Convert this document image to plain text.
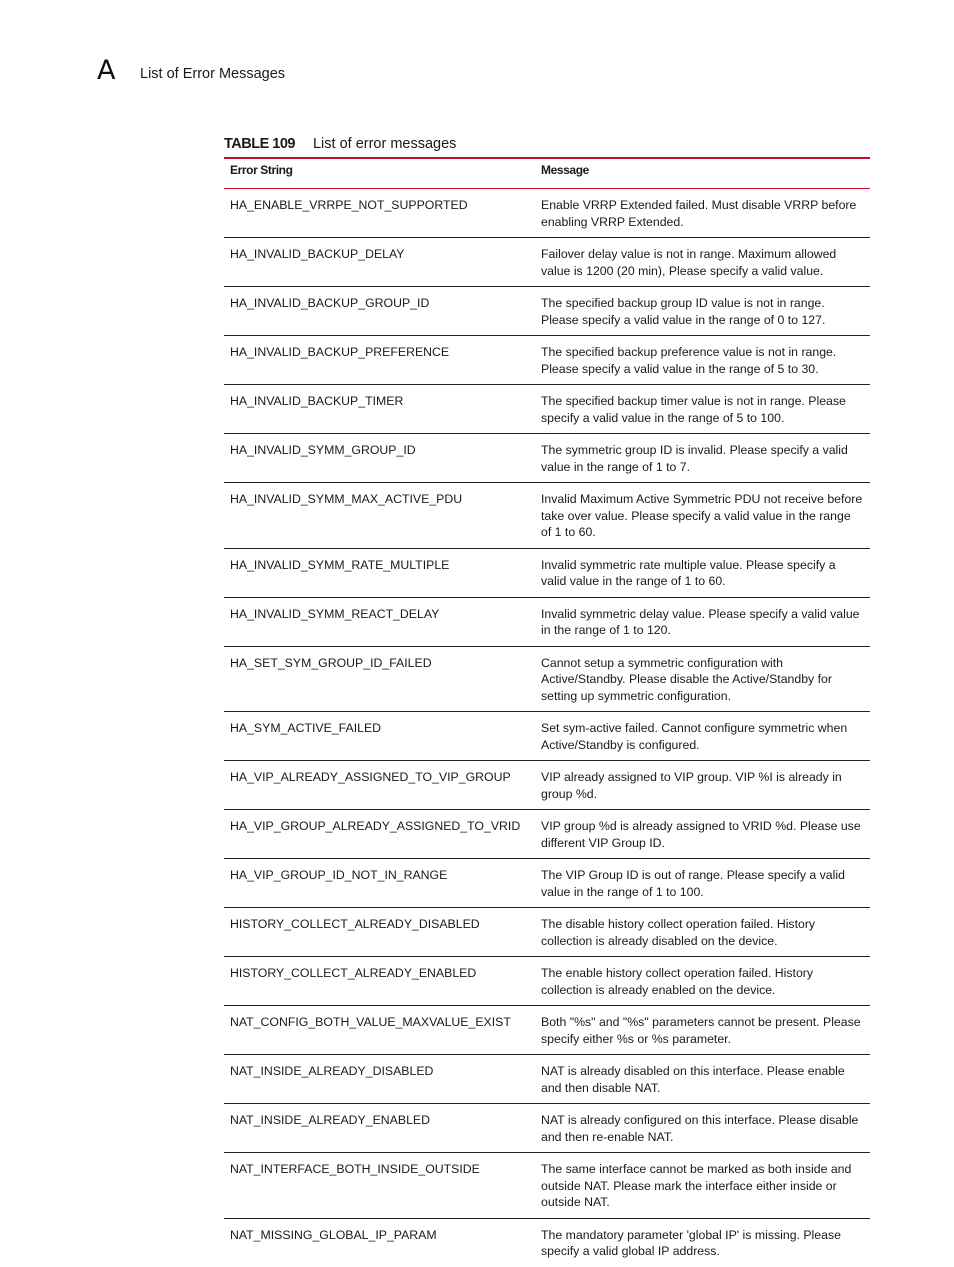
A List of Error Messages
TABLE 109 List of error messages
Error String	Message
HA_ENABLE_VRRPE_NOT_SUPPORTED	Enable VRRP Extended failed. Must disable VRRP before enabling VRRP Extended.
HA_INVALID_BACKUP_DELAY	Failover delay value is not in range. Maximum allowed value is 1200 (20 min), Please specify a valid value.
HA_INVALID_BACKUP_GROUP_ID	The specified backup group ID value is not in range. Please specify a valid value in the range of 0 to 127.
HA_INVALID_BACKUP_PREFERENCE	The specified backup preference value is not in range. Please specify a valid value in the range of 5 to 30.
HA_INVALID_BACKUP_TIMER	The specified backup timer value is not in range. Please specify a valid value in the range of 5 to 100.
HA_INVALID_SYMM_GROUP_ID	The symmetric group ID is invalid. Please specify a valid value in the range of 1 to 7.
HA_INVALID_SYMM_MAX_ACTIVE_PDU	Invalid Maximum Active Symmetric PDU not receive before take over value. Please specify a valid value in the range of 1 to 60.
HA_INVALID_SYMM_RATE_MULTIPLE	Invalid symmetric rate multiple value. Please specify a valid value in the range of 1 to 60.
HA_INVALID_SYMM_REACT_DELAY	Invalid symmetric delay value. Please specify a valid value in the range of 1 to 120.
HA_SET_SYM_GROUP_ID_FAILED	Cannot setup a symmetric configuration with Active/Standby. Please disable the Active/Standby for setting up symmetric configuration.
HA_SYM_ACTIVE_FAILED	Set sym-active failed. Cannot configure symmetric when Active/Standby is configured.
HA_VIP_ALREADY_ASSIGNED_TO_VIP_GROUP	VIP already assigned to VIP group. VIP %I is already in group %d.
HA_VIP_GROUP_ALREADY_ASSIGNED_TO_VRID	VIP group %d is already assigned to VRID %d. Please use different VIP Group ID.
HA_VIP_GROUP_ID_NOT_IN_RANGE	The VIP Group ID is out of range. Please specify a valid value in the range of 1 to 100.
HISTORY_COLLECT_ALREADY_DISABLED	The disable history collect operation failed. History collection is already disabled on the device.
HISTORY_COLLECT_ALREADY_ENABLED	The enable history collect operation failed. History collection is already enabled on the device.
NAT_CONFIG_BOTH_VALUE_MAXVALUE_EXIST	Both "%s" and "%s" parameters cannot be present. Please specify either %s or %s parameter.
NAT_INSIDE_ALREADY_DISABLED	NAT is already disabled on this interface. Please enable and then disable NAT.
NAT_INSIDE_ALREADY_ENABLED	NAT is already configured on this interface. Please disable and then re-enable NAT.
NAT_INTERFACE_BOTH_INSIDE_OUTSIDE	The same interface cannot be marked as both inside and outside NAT. Please mark the interface either inside or outside NAT.
NAT_MISSING_GLOBAL_IP_PARAM	The mandatory parameter 'global IP' is missing. Please specify a valid global IP address.
